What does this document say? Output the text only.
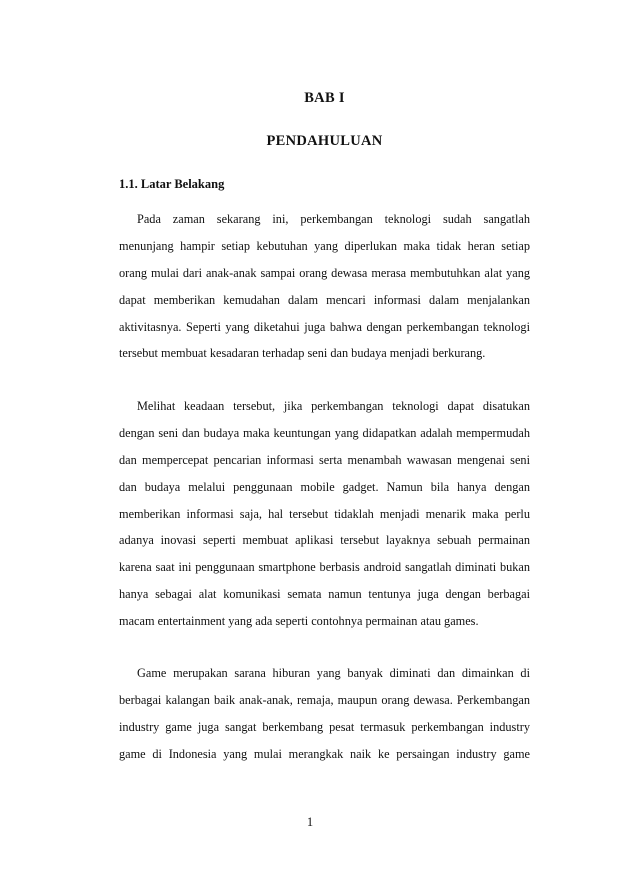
BAB I
PENDAHULUAN
1.1. Latar Belakang
Pada zaman sekarang ini, perkembangan teknologi sudah sangatlah
menunjang hampir setiap kebutuhan yang diperlukan maka tidak heran setiap
orang mulai dari anak-anak sampai orang dewasa merasa membutuhkan alat yang
dapat memberikan kemudahan dalam mencari informasi dalam menjalankan
aktivitasnya. Seperti yang diketahui juga bahwa dengan perkembangan teknologi
tersebut membuat kesadaran terhadap seni dan budaya menjadi berkurang.
Melihat keadaan tersebut, jika perkembangan teknologi dapat disatukan
dengan seni dan budaya maka keuntungan yang didapatkan adalah mempermudah
dan mempercepat pencarian informasi serta menambah wawasan mengenai seni
dan budaya melalui penggunaan mobile gadget. Namun bila hanya dengan
memberikan informasi saja, hal tersebut tidaklah menjadi menarik maka perlu
adanya inovasi seperti membuat aplikasi tersebut layaknya sebuah permainan
karena saat ini penggunaan smartphone berbasis android sangatlah diminati bukan
hanya sebagai alat komunikasi semata namun tentunya juga dengan berbagai
macam entertainment yang ada seperti contohnya permainan atau games.
Game merupakan sarana hiburan yang banyak diminati dan dimainkan di
berbagai kalangan baik anak-anak, remaja, maupun orang dewasa. Perkembangan
industry game juga sangat berkembang pesat termasuk perkembangan industry
game di Indonesia yang mulai merangkak naik ke persaingan industry game
1
